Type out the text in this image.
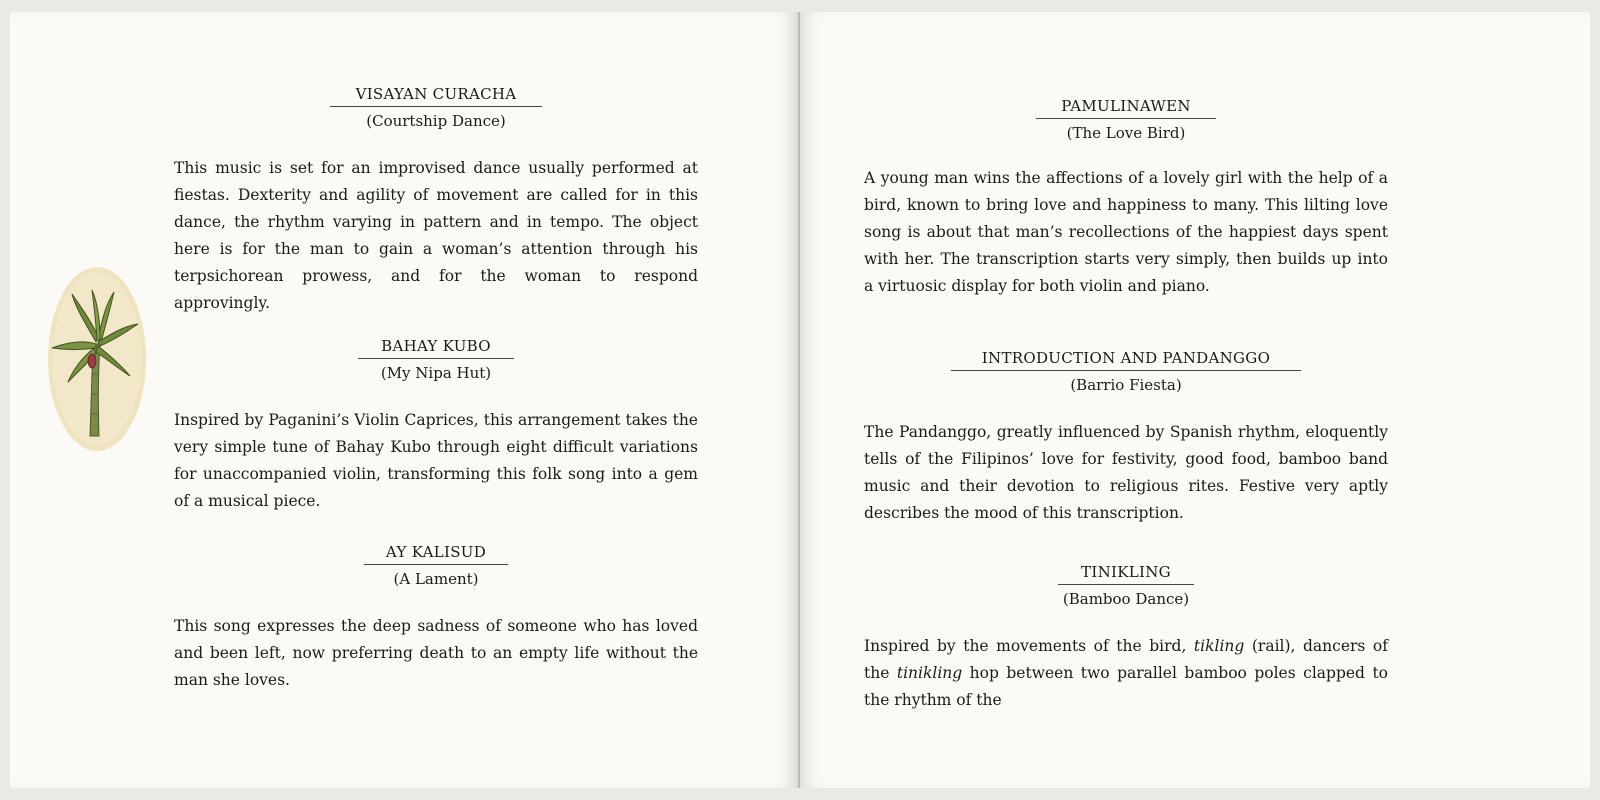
VISAYAN CURACHA
(Courtship Dance)

This music is set for an improvised dance usually performed at fiestas. Dexterity and agility of movement are called for in this dance, the rhythm varying in pattern and in tempo. The object here is for the man to gain a woman’s attention through his terpsichorean prowess, and for the woman to respond approvingly.

BAHAY KUBO
(My Nipa Hut)

Inspired by Paganini’s Violin Caprices, this arrangement takes the very simple tune of Bahay Kubo through eight difficult variations for unaccompanied violin, transforming this folk song into a gem of a musical piece.

AY KALISUD
(A Lament)

This song expresses the deep sadness of someone who has loved and been left, now preferring death to an empty life without the man she loves.

PAMULINAWEN
(The Love Bird)

A young man wins the affections of a lovely girl with the help of a bird, known to bring love and happiness to many. This lilting love song is about that man’s recollections of the happiest days spent with her. The transcription starts very simply, then builds up into a virtuosic display for both violin and piano.

INTRODUCTION AND PANDANGGO
(Barrio Fiesta)

The Pandanggo, greatly influenced by Spanish rhythm, eloquently tells of the Filipinos’ love for festivity, good food, bamboo band music and their devotion to religious rites. Festive very aptly describes the mood of this transcription.

TINIKLING
(Bamboo Dance)

Inspired by the movements of the bird, tikling (rail), dancers of the tinikling hop between two parallel bamboo poles clapped to the rhythm of the
